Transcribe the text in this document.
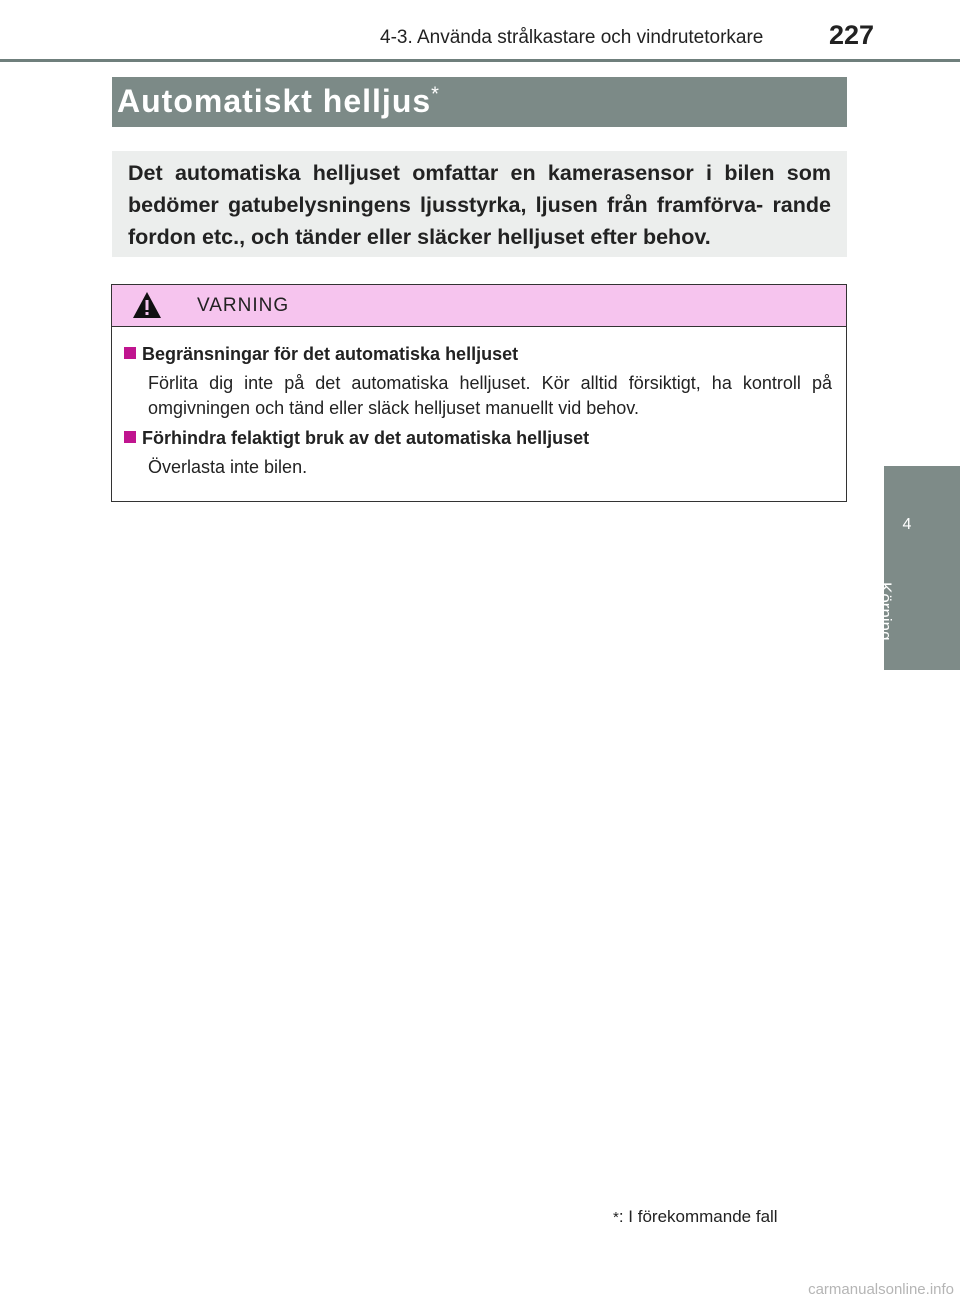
4-3. Använda strålkastare och vindrutetorkare 227
4
Körning
Automatiskt helljus*
Det automatiska helljuset omfattar en kamerasensor i bilen som bedömer gatubelysningens ljusstyrka, ljusen från framförva- rande fordon etc., och tänder eller släcker helljuset efter behov.
VARNING
Begränsningar för det automatiska helljuset
Förlita dig inte på det automatiska helljuset. Kör alltid försiktigt, ha kontroll på omgivningen och tänd eller släck helljuset manuellt vid behov.
Förhindra felaktigt bruk av det automatiska helljuset
Överlasta inte bilen.
*: I förekommande fall
carmanualsonline.info
